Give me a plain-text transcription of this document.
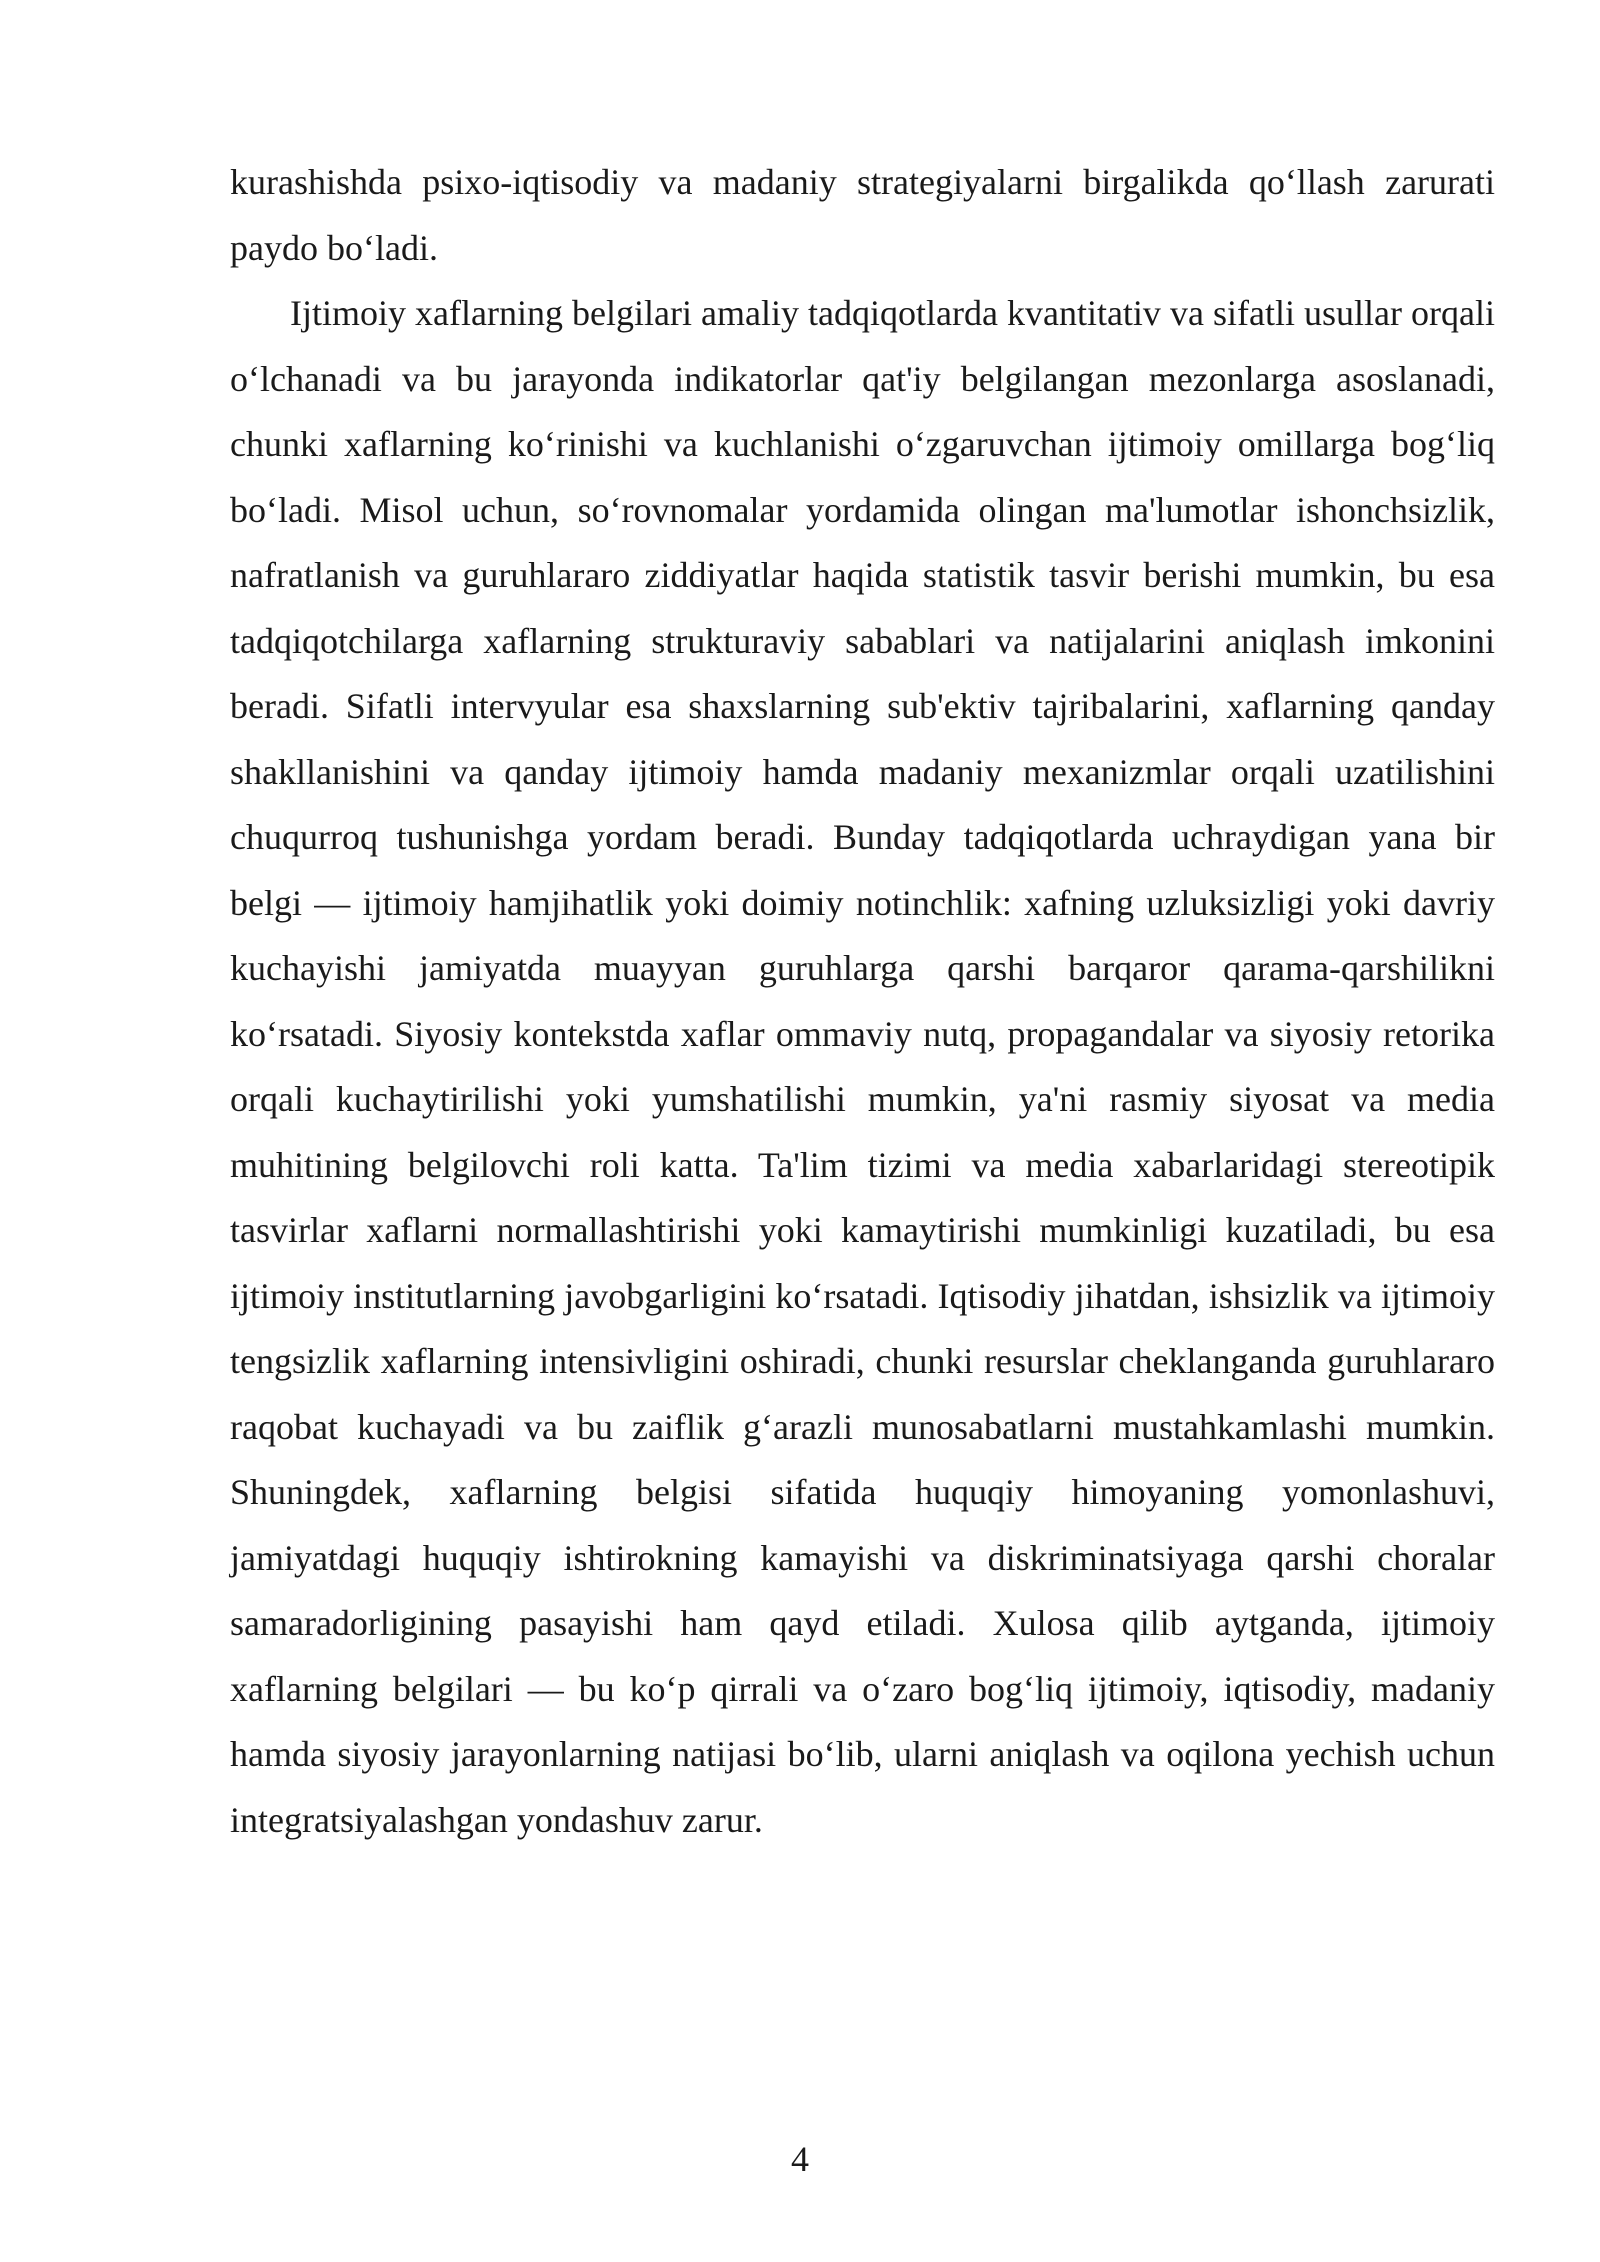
kurashishda psixo-iqtisodiy va madaniy strategiyalarni birgalikda qo‘llash zarurati paydo bo‘ladi.

Ijtimoiy xaflarning belgilari amaliy tadqiqotlarda kvantitativ va sifatli usullar orqali o‘lchanadi va bu jarayonda indikatorlar qat'iy belgilangan mezonlarga asoslanadi, chunki xaflarning ko‘rinishi va kuchlanishi o‘zgaruvchan ijtimoiy omillarga bog‘liq bo‘ladi. Misol uchun, so‘rovnomalar yordamida olingan ma'lumotlar ishonchsizlik, nafratlanish va guruhlararo ziddiyatlar haqida statistik tasvir berishi mumkin, bu esa tadqiqotchilarga xaflarning strukturaviy sabablari va natijalarini aniqlash imkonini beradi. Sifatli intervyular esa shaxslarning sub'ektiv tajribalarini, xaflarning qanday shakllanishini va qanday ijtimoiy hamda madaniy mexanizmlar orqali uzatilishini chuqurroq tushunishga yordam beradi. Bunday tadqiqotlarda uchraydigan yana bir belgi — ijtimoiy hamjihatlik yoki doimiy notinchlik: xafning uzluksizligi yoki davriy kuchayishi jamiyatda muayyan guruhlarga qarshi barqaror qarama-qarshilikni ko‘rsatadi. Siyosiy kontekstda xaflar ommaviy nutq, propagandalar va siyosiy retorika orqali kuchaytirilishi yoki yumshatilishi mumkin, ya'ni rasmiy siyosat va media muhitining belgilovchi roli katta. Ta'lim tizimi va media xabarlaridagi stereotipik tasvirlar xaflarni normallashtirishi yoki kamaytirishi mumkinligi kuzatiladi, bu esa ijtimoiy institutlarning javobgarligini ko‘rsatadi. Iqtisodiy jihatdan, ishsizlik va ijtimoiy tengsizlik xaflarning intensivligini oshiradi, chunki resurslar cheklanganda guruhlararo raqobat kuchayadi va bu zaiflik g‘arazli munosabatlarni mustahkamlashi mumkin. Shuningdek, xaflarning belgisi sifatida huquqiy himoyaning yomonlashuvi, jamiyatdagi huquqiy ishtirokning kamayishi va diskriminatsiyaga qarshi choralar samaradorligining pasayishi ham qayd etiladi. Xulosa qilib aytganda, ijtimoiy xaflarning belgilari — bu ko‘p qirrali va o‘zaro bog‘liq ijtimoiy, iqtisodiy, madaniy hamda siyosiy jarayonlarning natijasi bo‘lib, ularni aniqlash va oqilona yechish uchun integratsiyalashgan yondashuv zarur.

4
